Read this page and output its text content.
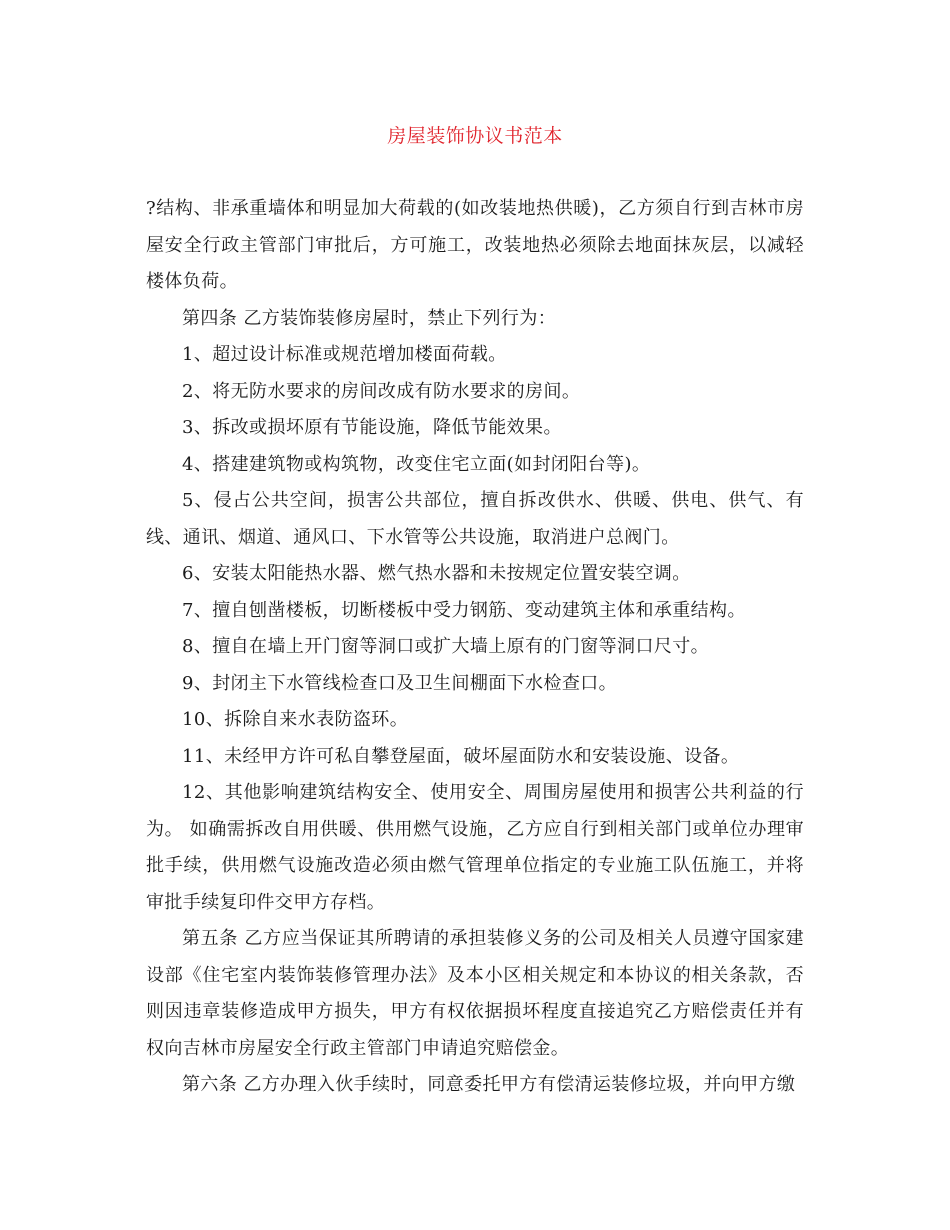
房屋装饰协议书范本

?结构、非承重墙体和明显加大荷载的(如改装地热供暖)，乙方须自行到吉林市房屋安全行政主管部门审批后，方可施工，改装地热必须除去地面抹灰层，以减轻楼体负荷。

第四条 乙方装饰装修房屋时，禁止下列行为：

1、超过设计标准或规范增加楼面荷载。

2、将无防水要求的房间改成有防水要求的房间。

3、拆改或损坏原有节能设施，降低节能效果。

4、搭建建筑物或构筑物，改变住宅立面(如封闭阳台等)。

5、侵占公共空间，损害公共部位，擅自拆改供水、供暖、供电、供气、有线、通讯、烟道、通风口、下水管等公共设施，取消进户总阀门。

6、安装太阳能热水器、燃气热水器和未按规定位置安装空调。

7、擅自刨凿楼板，切断楼板中受力钢筋、变动建筑主体和承重结构。

8、擅自在墙上开门窗等洞口或扩大墙上原有的门窗等洞口尺寸。

9、封闭主下水管线检查口及卫生间棚面下水检查口。

10、拆除自来水表防盗环。

11、未经甲方许可私自攀登屋面，破坏屋面防水和安装设施、设备。

12、其他影响建筑结构安全、使用安全、周围房屋使用和损害公共利益的行为。 如确需拆改自用供暖、供用燃气设施，乙方应自行到相关部门或单位办理审批手续，供用燃气设施改造必须由燃气管理单位指定的专业施工队伍施工，并将审批手续复印件交甲方存档。

第五条 乙方应当保证其所聘请的承担装修义务的公司及相关人员遵守国家建设部《住宅室内装饰装修管理办法》及本小区相关规定和本协议的相关条款，否则因违章装修造成甲方损失，甲方有权依据损坏程度直接追究乙方赔偿责任并有权向吉林市房屋安全行政主管部门申请追究赔偿金。

第六条 乙方办理入伙手续时，同意委托甲方有偿清运装修垃圾，并向甲方缴
